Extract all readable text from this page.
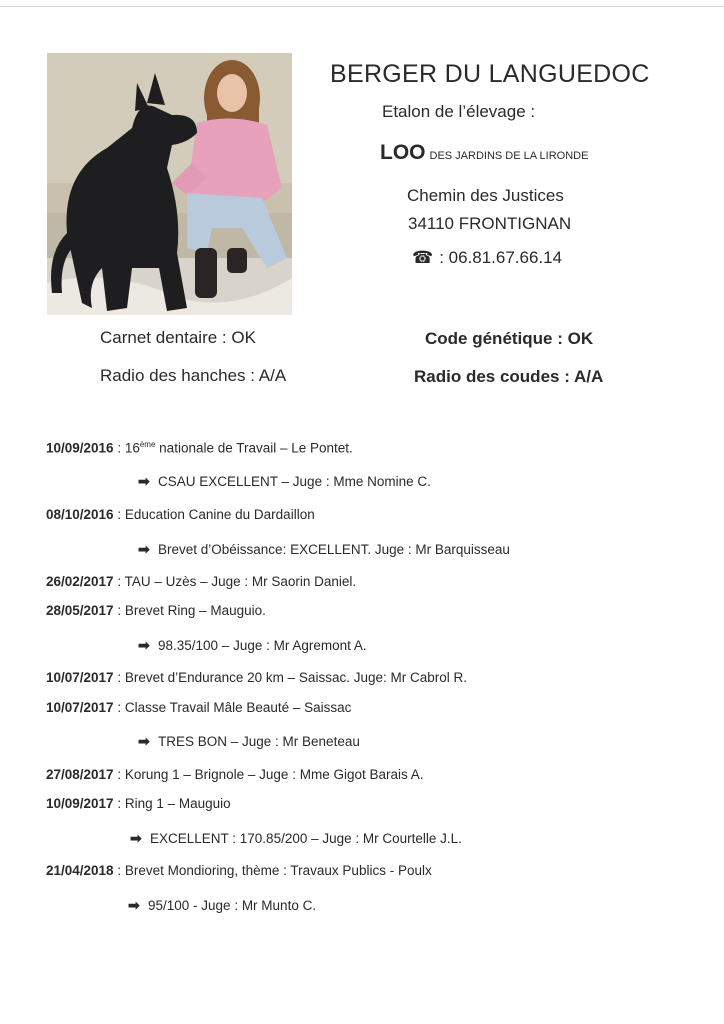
BERGER DU LANGUEDOC
Etalon de l’élevage :
LOO DES JARDINS DE LA LIRONDE
Chemin des Justices
34110 FRONTIGNAN
☎ : 06.81.67.66.14
Carnet dentaire : OK	Code génétique : OK
Radio des hanches : A/A	Radio des coudes : A/A
10/09/2016 : 16ème nationale de Travail – Le Pontet.
➡ CSAU EXCELLENT – Juge : Mme Nomine C.
08/10/2016 : Education Canine du Dardaillon
➡ Brevet d’Obéissance: EXCELLENT. Juge : Mr Barquisseau
26/02/2017 : TAU – Uzès – Juge : Mr Saorin Daniel.
28/05/2017 : Brevet Ring – Mauguio.
➡ 98.35/100 – Juge : Mr Agremont A.
10/07/2017 : Brevet d’Endurance 20 km – Saissac. Juge: Mr Cabrol R.
10/07/2017 : Classe Travail Mâle Beauté – Saissac
➡ TRES BON – Juge : Mr Beneteau
27/08/2017 : Korung 1 – Brignole – Juge : Mme Gigot Barais A.
10/09/2017 : Ring 1 – Mauguio
➡ EXCELLENT : 170.85/200 – Juge : Mr Courtelle J.L.
21/04/2018 : Brevet Mondioring, thème : Travaux Publics - Poulx
➡ 95/100 - Juge : Mr Munto C.
